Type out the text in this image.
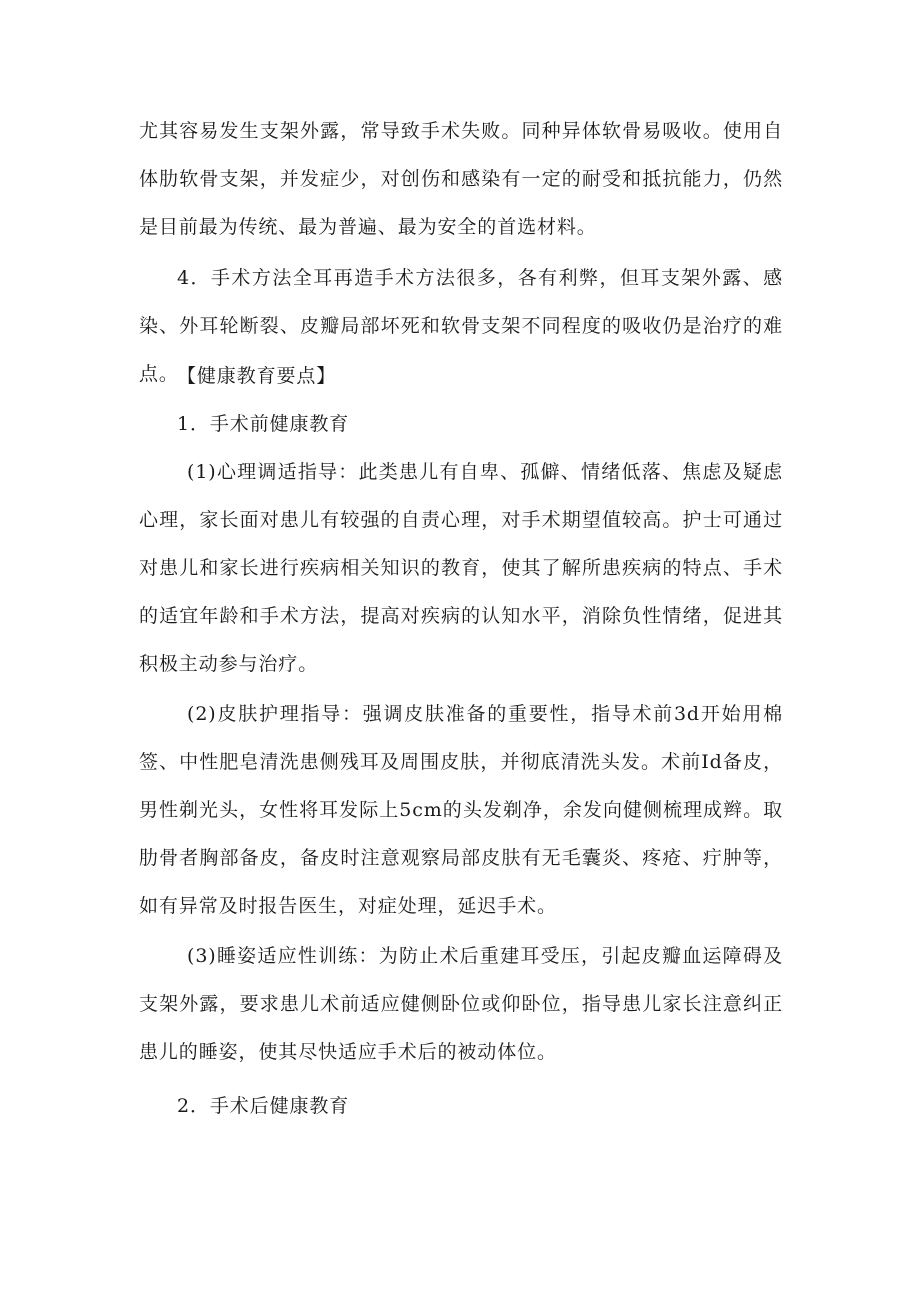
尤其容易发生支架外露，常导致手术失败。同种异体软骨易吸收。使用自体肋软骨支架，并发症少，对创伤和感染有一定的耐受和抵抗能力，仍然是目前最为传统、最为普遍、最为安全的首选材料。

4．手术方法全耳再造手术方法很多，各有利弊，但耳支架外露、感染、外耳轮断裂、皮瓣局部坏死和软骨支架不同程度的吸收仍是治疗的难点。

【健康教育要点】

1．手术前健康教育

(1)心理调适指导：此类患儿有自卑、孤僻、情绪低落、焦虑及疑虑心理，家长面对患儿有较强的自责心理，对手术期望值较高。护士可通过对患儿和家长进行疾病相关知识的教育，使其了解所患疾病的特点、手术的适宜年龄和手术方法，提高对疾病的认知水平，消除负性情绪，促进其积极主动参与治疗。

(2)皮肤护理指导：强调皮肤准备的重要性，指导术前3d开始用棉签、中性肥皂清洗患侧残耳及周围皮肤，并彻底清洗头发。术前Id备皮，男性剃光头，女性将耳发际上5cm的头发剃净，余发向健侧梳理成辫。取肋骨者胸部备皮，备皮时注意观察局部皮肤有无毛囊炎、疼疮、疔肿等，如有异常及时报告医生，对症处理，延迟手术。

(3)睡姿适应性训练：为防止术后重建耳受压，引起皮瓣血运障碍及支架外露，要求患儿术前适应健侧卧位或仰卧位，指导患儿家长注意纠正患儿的睡姿，使其尽快适应手术后的被动体位。

2．手术后健康教育
